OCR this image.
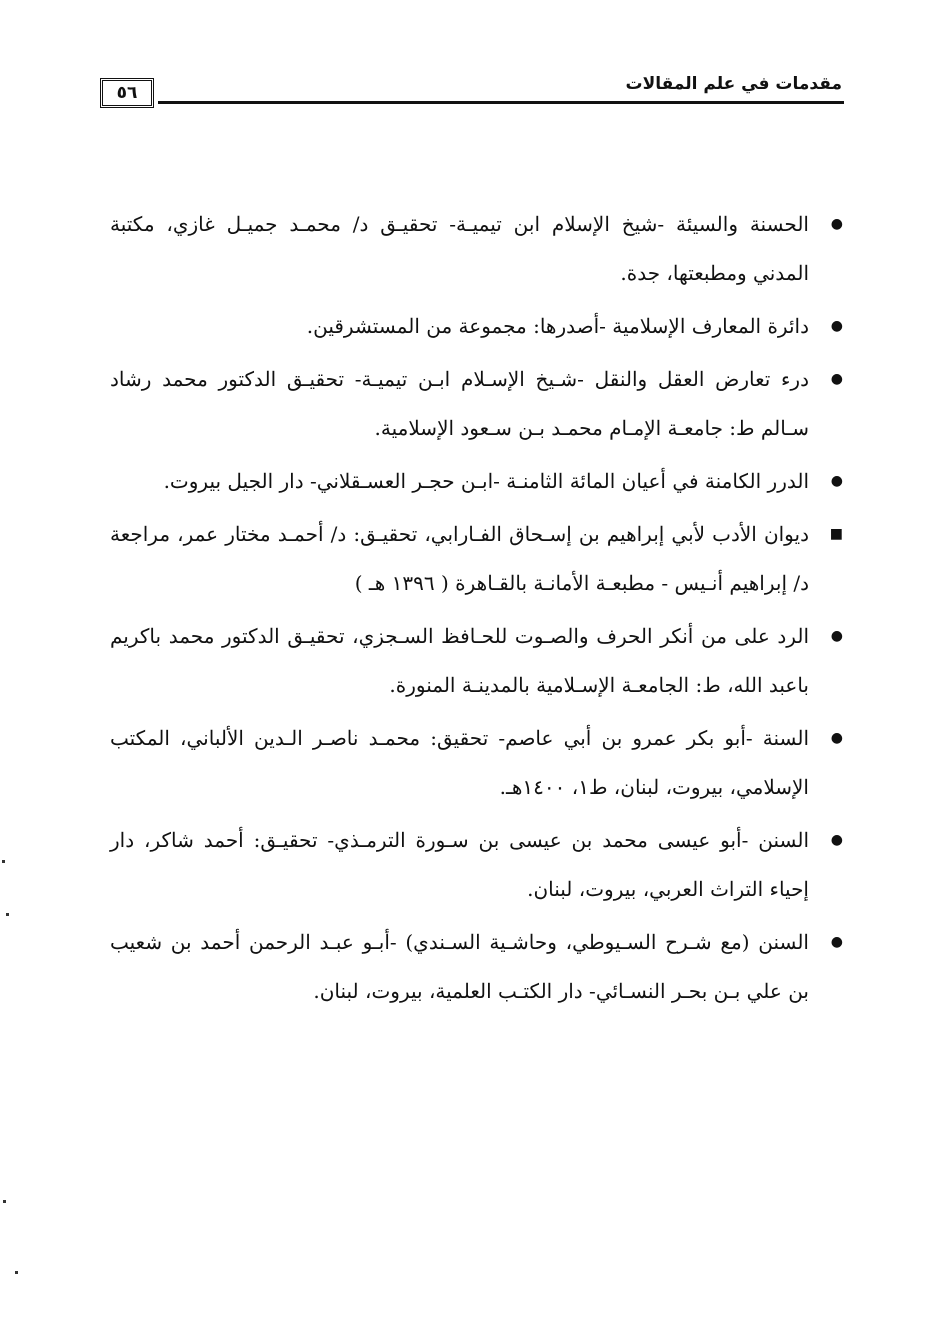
٥٦	مقدمات في علم المقالات
●
الحسنة والسيئة -شيخ الإسلام ابن تيميـة- تحقيـق د/ محمـد جميـل غازي، مكتبة المدني ومطبعتها، جدة.
●
دائرة المعارف الإسلامية -أصدرها: مجموعة من المستشرقين.
●
درء تعارض العقل والنقل -شـيخ الإسـلام ابـن تيميـة- تحقيـق الدكتور محمد رشاد سـالم ط: جامعـة الإمـام محمـد بـن سـعود الإسلامية.
●
الدرر الكامنة في أعيان المائة الثامنـة -ابـن حجـر العسـقلاني- دار الجيل بيروت.
■
ديوان الأدب لأبي إبراهيم بن إسـحاق الفـارابي، تحقيـق: د/ أحمـد مختار عمر، مراجعة د/ إبراهيم أنـيس - مطبعـة الأمانـة بالقـاهرة ( ١٣٩٦ هـ )
●
الرد على من أنكر الحرف والصـوت للحـافظ السـجزي، تحقيـق الدكتور محمد باكريم باعبد الله، ط: الجامعـة الإسـلامية بالمدينـة المنورة.
●
السنة -أبو بكر عمرو بن أبي عاصم- تحقيق: محمـد ناصـر الـدين الألباني، المكتب الإسلامي، بيروت، لبنان، ط١، ١٤٠٠هـ.
●
السنن -أبو عيسى محمد بن عيسى بن سـورة الترمـذي- تحقيـق: أحمد شاكر، دار إحياء التراث العربي، بيروت، لبنان.
●
السنن (مع شـرح السـيوطي، وحاشـية السـندي) -أبـو عبـد الرحمن أحمد بن شعيب بن علي بـن بحـر النسـائي- دار الكتـب العلمية، بيروت، لبنان.
